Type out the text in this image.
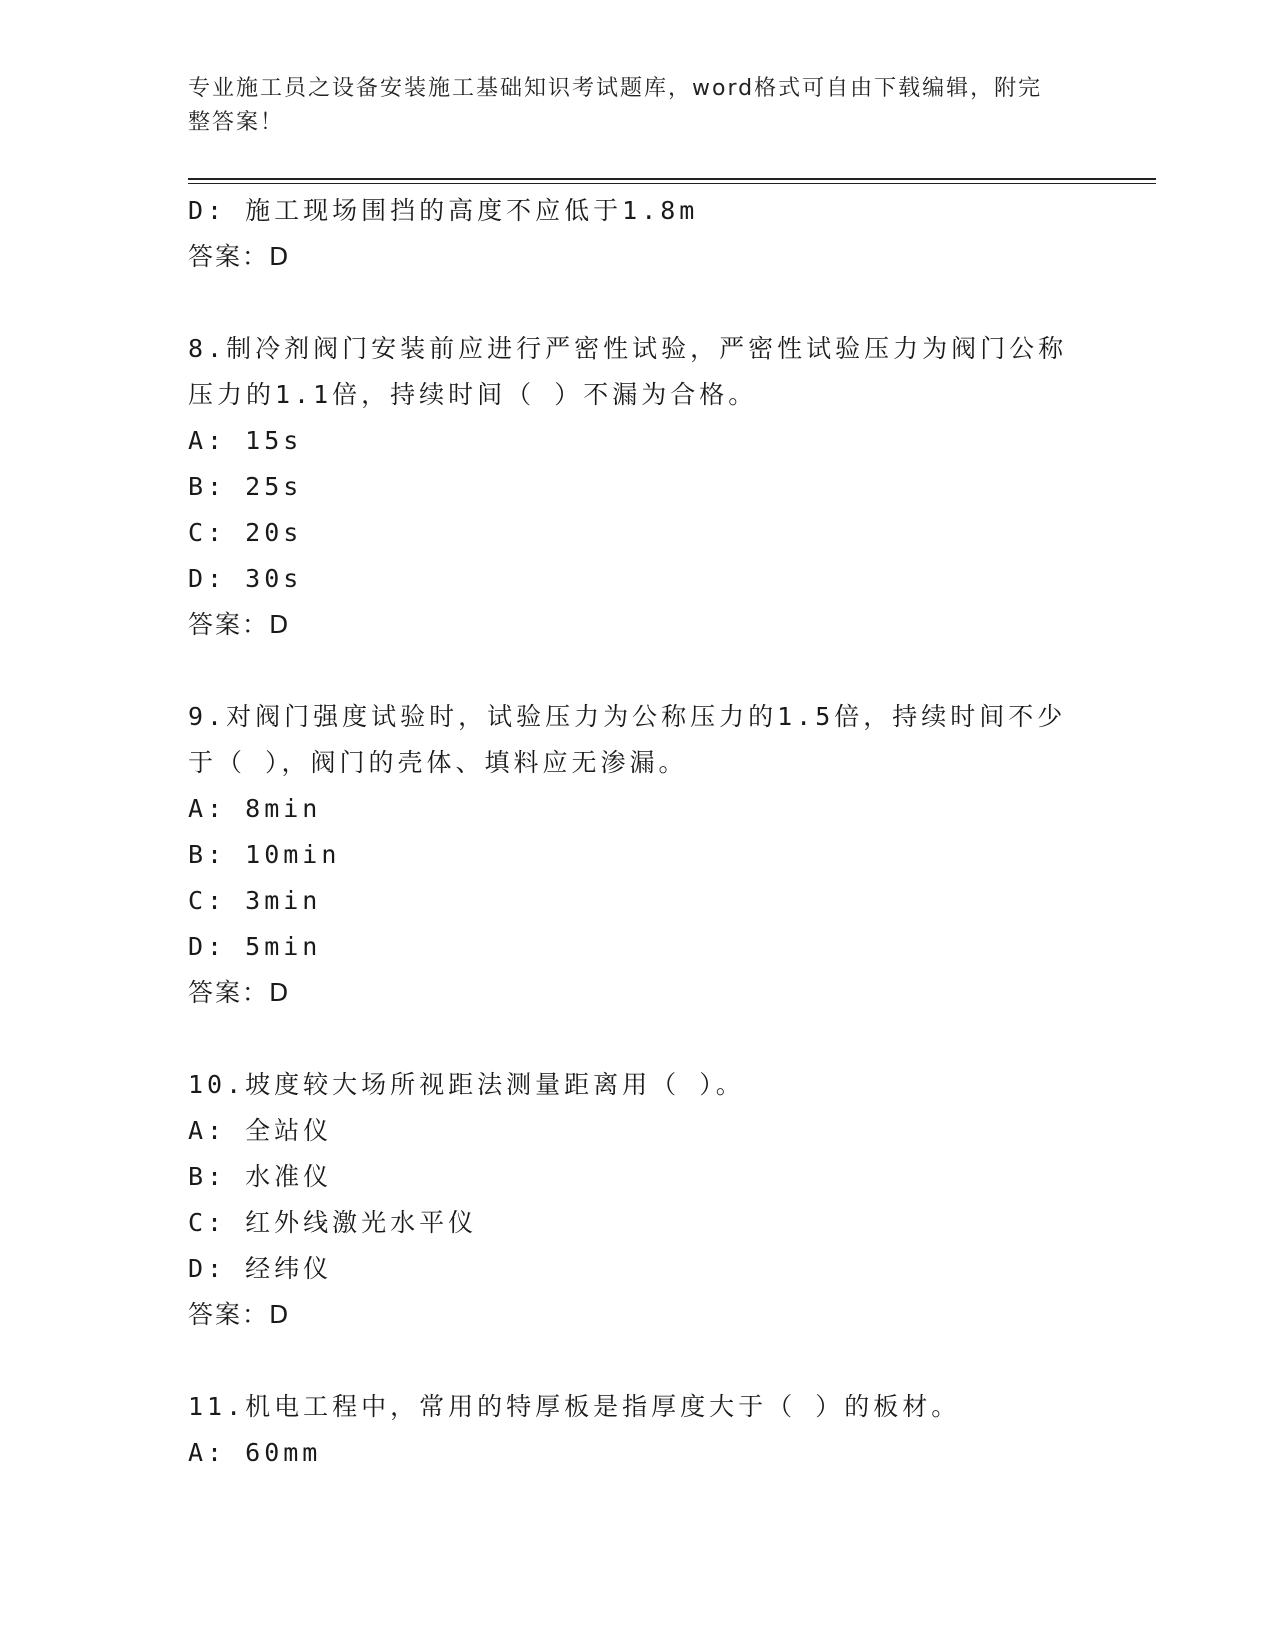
专业施工员之设备安装施工基础知识考试题库，word格式可自由下载编辑，附完
整答案！
D: 施工现场围挡的高度不应低于1.8m
答案：D
8.制冷剂阀门安装前应进行严密性试验，严密性试验压力为阀门公称
压力的1.1倍，持续时间（ ）不漏为合格。
A: 15s
B: 25s
C: 20s
D: 30s
答案：D
9.对阀门强度试验时，试验压力为公称压力的1.5倍，持续时间不少
于（ ），阀门的壳体、填料应无渗漏。
A: 8min
B: 10min
C: 3min
D: 5min
答案：D
10.坡度较大场所视距法测量距离用（ ）。
A: 全站仪
B: 水准仪
C: 红外线激光水平仪
D: 经纬仪
答案：D
11.机电工程中，常用的特厚板是指厚度大于（ ）的板材。
A: 60mm
